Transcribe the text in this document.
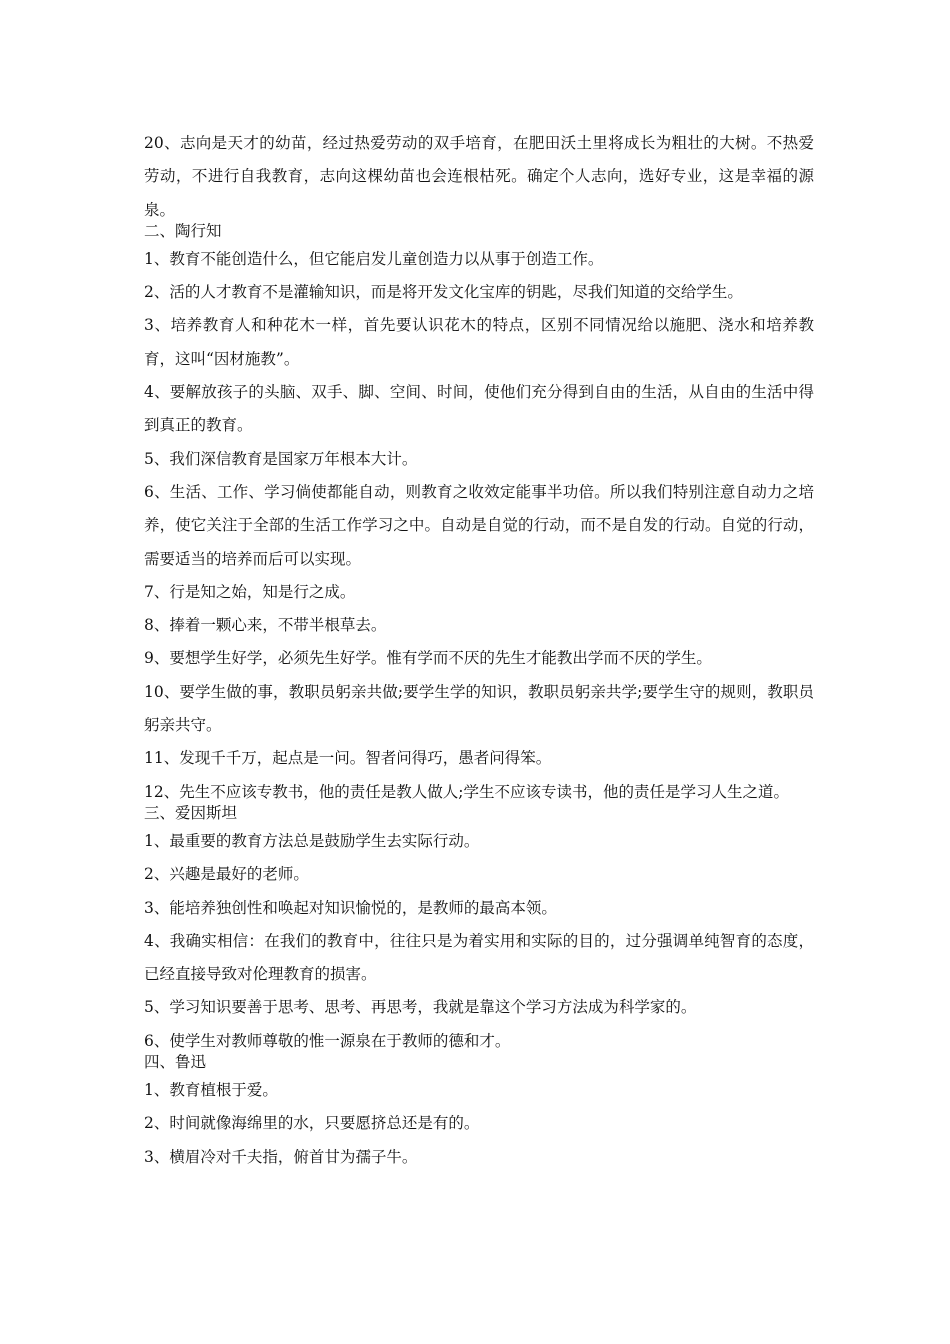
20、志向是天才的幼苗，经过热爱劳动的双手培育，在肥田沃土里将成长为粗壮的大树。不热爱劳动，不进行自我教育，志向这棵幼苗也会连根枯死。确定个人志向，选好专业，这是幸福的源泉。

二、陶行知

1、教育不能创造什么，但它能启发儿童创造力以从事于创造工作。

2、活的人才教育不是灌输知识，而是将开发文化宝库的钥匙，尽我们知道的交给学生。

3、培养教育人和种花木一样，首先要认识花木的特点，区别不同情况给以施肥、浇水和培养教育，这叫“因材施教”。

4、要解放孩子的头脑、双手、脚、空间、时间，使他们充分得到自由的生活，从自由的生活中得到真正的教育。

5、我们深信教育是国家万年根本大计。

6、生活、工作、学习倘使都能自动，则教育之收效定能事半功倍。所以我们特别注意自动力之培养，使它关注于全部的生活工作学习之中。自动是自觉的行动，而不是自发的行动。自觉的行动，需要适当的培养而后可以实现。

7、行是知之始，知是行之成。

8、捧着一颗心来，不带半根草去。

9、要想学生好学，必须先生好学。惟有学而不厌的先生才能教出学而不厌的学生。

10、要学生做的事，教职员躬亲共做;要学生学的知识，教职员躬亲共学;要学生守的规则，教职员躬亲共守。

11、发现千千万，起点是一问。智者问得巧，愚者问得笨。

12、先生不应该专教书，他的责任是教人做人;学生不应该专读书，他的责任是学习人生之道。

三、爱因斯坦

1、最重要的教育方法总是鼓励学生去实际行动。

2、兴趣是最好的老师。

3、能培养独创性和唤起对知识愉悦的，是教师的最高本领。

4、我确实相信：在我们的教育中，往往只是为着实用和实际的目的，过分强调单纯智育的态度，已经直接导致对伦理教育的损害。

5、学习知识要善于思考、思考、再思考，我就是靠这个学习方法成为科学家的。

6、使学生对教师尊敬的惟一源泉在于教师的德和才。

四、鲁迅

1、教育植根于爱。

2、时间就像海绵里的水，只要愿挤总还是有的。

3、横眉冷对千夫指，俯首甘为孺子牛。
